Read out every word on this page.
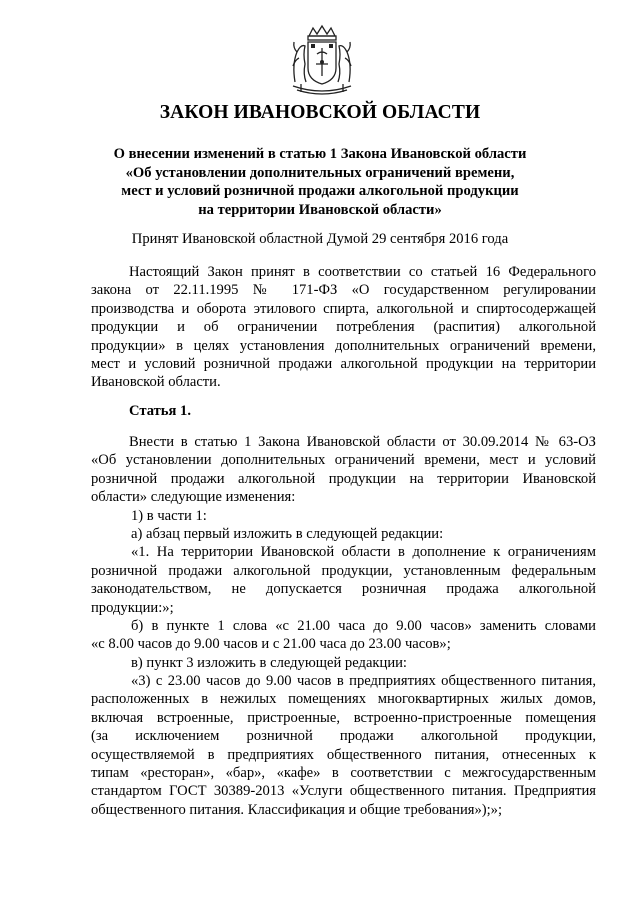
ЗАКОН ИВАНОВСКОЙ ОБЛАСТИ
О внесении изменений в статью 1 Закона Ивановской области
«Об установлении дополнительных ограничений времени,
мест и условий розничной продажи алкогольной продукции
на территории Ивановской области»
Принят Ивановской областной Думой 29 сентября 2016 года
Настоящий Закон принят в соответствии со статьей 16 Федерального
закона от 22.11.1995 № 171-ФЗ «О государственном регулировании
производства и оборота этилового спирта, алкогольной и спиртосодержащей
продукции и об ограничении потребления (распития) алкогольной
продукции» в целях установления дополнительных ограничений времени,
мест и условий розничной продажи алкогольной продукции на территории
Ивановской области.
Статья 1.
Внести в статью 1 Закона Ивановской области от 30.09.2014 № 63-ОЗ
«Об установлении дополнительных ограничений времени, мест и условий
розничной продажи алкогольной продукции на территории Ивановской
области» следующие изменения:
1) в части 1:
а) абзац первый изложить в следующей редакции:
«1. На территории Ивановской области в дополнение к ограничениям
розничной продажи алкогольной продукции, установленным федеральным
законодательством, не допускается розничная продажа алкогольной
продукции:»;
б) в пункте 1 слова «с 21.00 часа до 9.00 часов» заменить словами
«с 8.00 часов до 9.00 часов и с 21.00 часа до 23.00 часов»;
в) пункт 3 изложить в следующей редакции:
«3) с 23.00 часов до 9.00 часов в предприятиях общественного питания,
расположенных в нежилых помещениях многоквартирных жилых домов,
включая встроенные, пристроенные, встроенно-пристроенные помещения
(за исключением розничной продажи алкогольной продукции,
осуществляемой в предприятиях общественного питания, отнесенных к
типам «ресторан», «бар», «кафе» в соответствии с межгосударственным
стандартом ГОСТ 30389-2013 «Услуги общественного питания. Предприятия
общественного питания. Классификация и общие требования»);»;
